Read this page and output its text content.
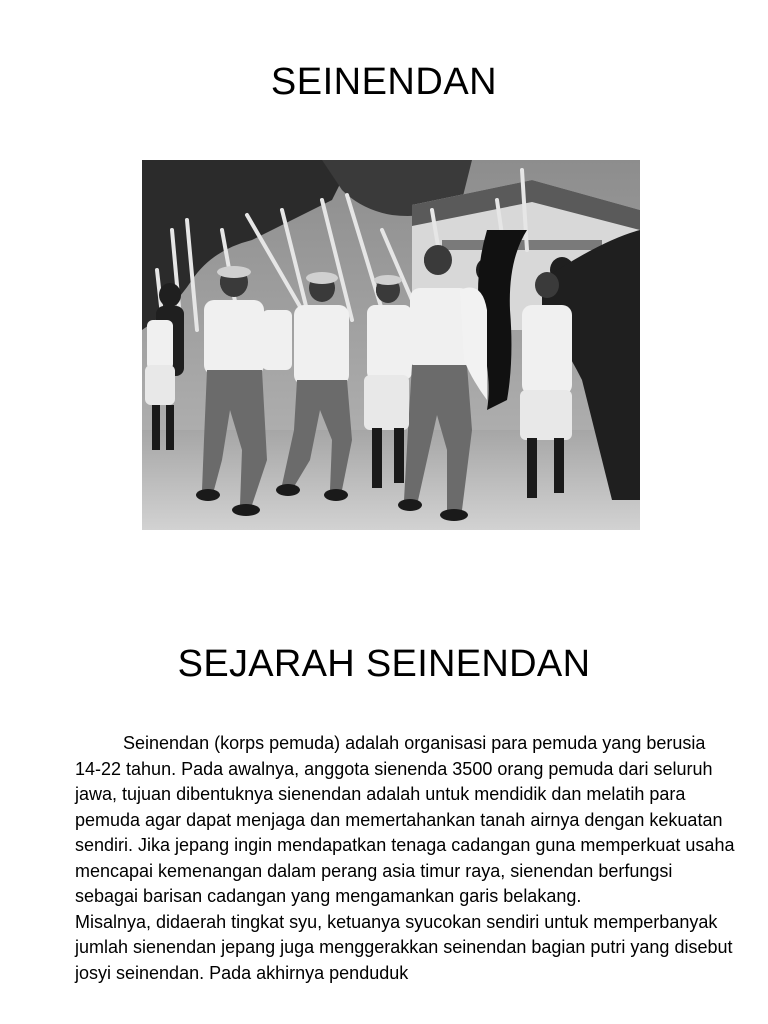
SEINENDAN
SEJARAH SEINENDAN

Seinendan (korps pemuda) adalah organisasi para pemuda yang berusia 14-22 tahun. Pada awalnya, anggota sienenda 3500 orang pemuda dari seluruh jawa, tujuan dibentuknya sienendan adalah untuk mendidik dan melatih para pemuda agar dapat menjaga dan memertahankan tanah airnya dengan kekuatan sendiri. Jika jepang ingin mendapatkan tenaga cadangan guna memperkuat usaha mencapai kemenangan dalam perang asia timur raya, sienendan berfungsi sebagai barisan cadangan yang mengamankan garis belakang.

Misalnya, didaerah tingkat syu, ketuanya syucokan sendiri untuk memperbanyak jumlah sienendan jepang juga menggerakkan seinendan bagian putri yang disebut josyi seinendan. Pada akhirnya penduduk
